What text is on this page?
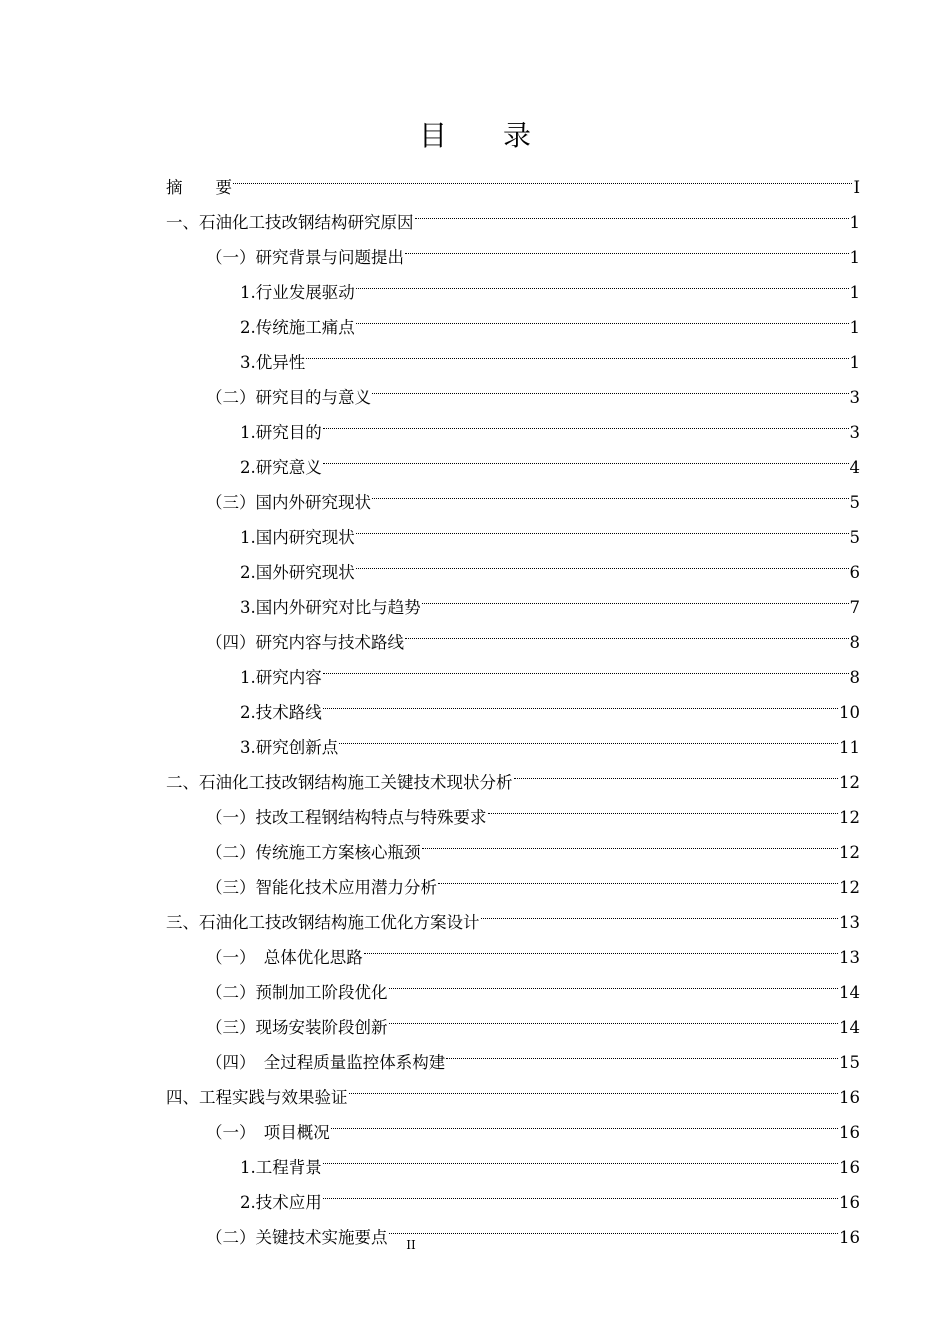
目　　录
摘　　要	I
一、石油化工技改钢结构研究原因	1
（一）研究背景与问题提出	1
1.行业发展驱动	1
2.传统施工痛点	1
3.优异性	1
（二）研究目的与意义	3
1.研究目的	3
2.研究意义	4
（三）国内外研究现状	5
1.国内研究现状	5
2.国外研究现状	6
3.国内外研究对比与趋势	7
（四）研究内容与技术路线	8
1.研究内容	8
2.技术路线	10
3.研究创新点	11
二、石油化工技改钢结构施工关键技术现状分析	12
（一）技改工程钢结构特点与特殊要求	12
（二）传统施工方案核心瓶颈	12
（三）智能化技术应用潜力分析	12
三、石油化工技改钢结构施工优化方案设计	13
（一）　总体优化思路	13
（二）预制加工阶段优化	14
（三）现场安装阶段创新	14
（四）　全过程质量监控体系构建	15
四、工程实践与效果验证	16
（一）　项目概况	16
1.工程背景	16
2.技术应用	16
（二）关键技术实施要点	16
II
